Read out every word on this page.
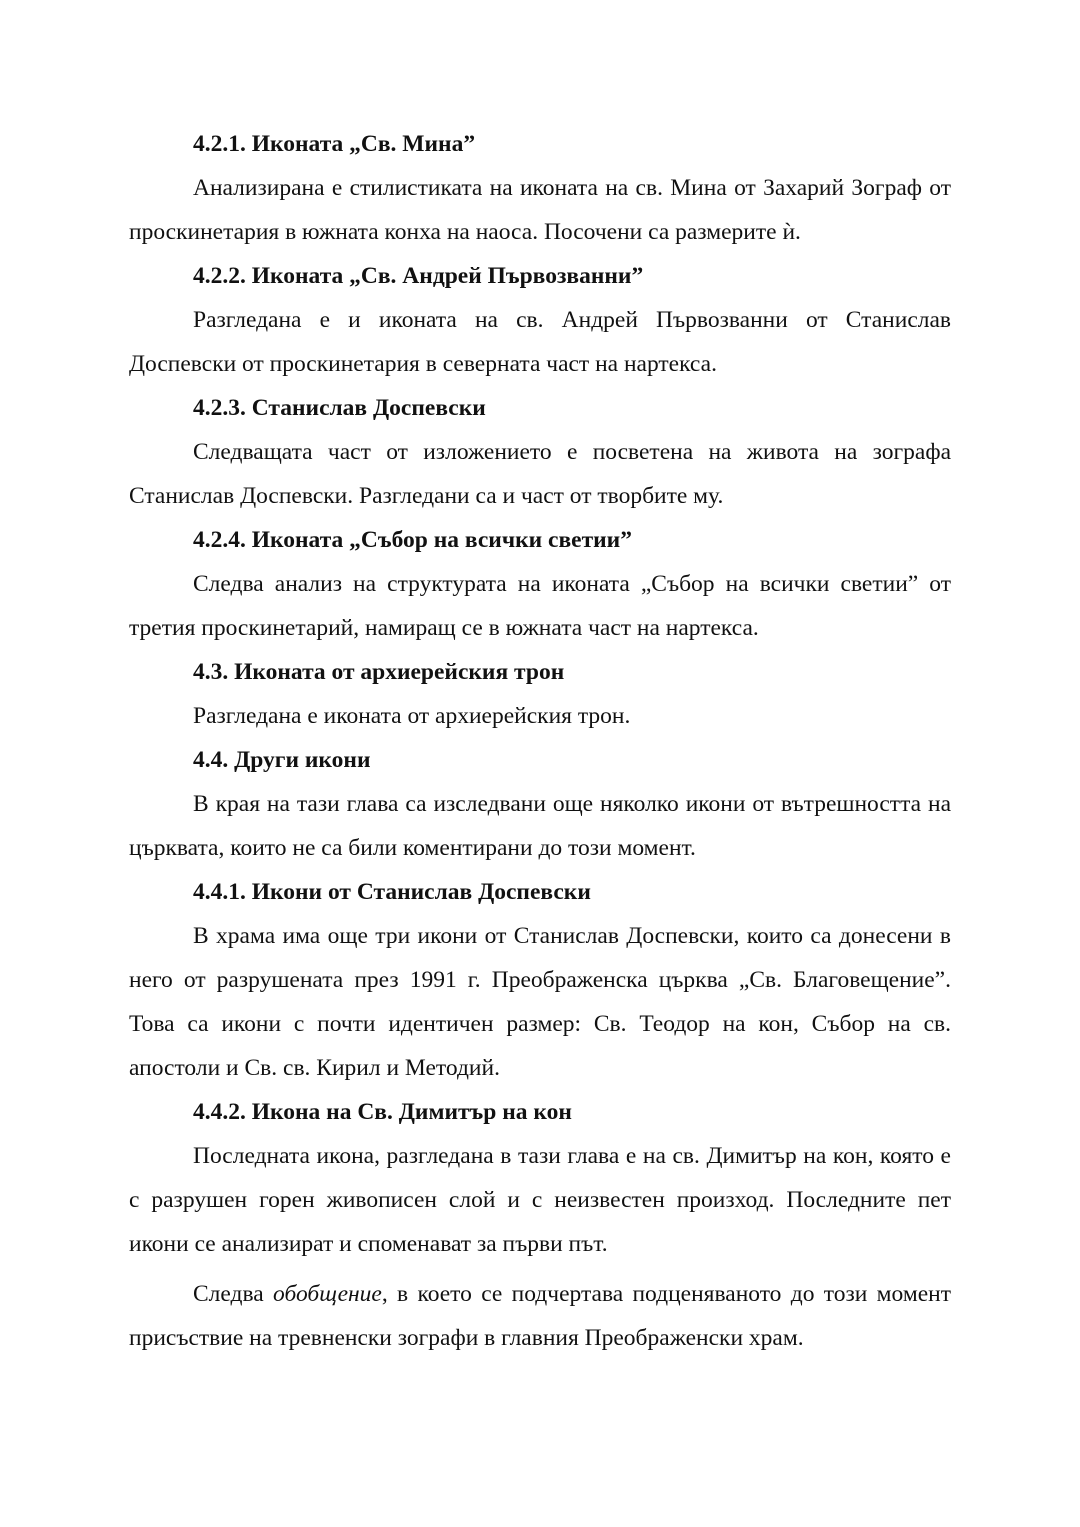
4.2.1. Иконата „Св. Мина”

Анализирана е стилистиката на иконата на св. Мина от Захарий Зограф от проскинетария в южната конха на наоса. Посочени са размерите ѝ.

4.2.2. Иконата „Св. Андрей Първозванни”

Разгледана е и иконата на св. Андрей Първозванни от Станислав Доспевски от проскинетария в северната част на нартекса.

4.2.3. Станислав Доспевски

Следващата част от изложението е посветена на живота на зографа Станислав Доспевски. Разгледани са и част от творбите му.

4.2.4. Иконата „Събор на всички светии”

Следва анализ на структурата на иконата „Събор на всички светии” от третия проскинетарий, намиращ се в южната част на нартекса.

4.3. Иконата от архиерейския трон

Разгледана е иконата от архиерейския трон.

4.4. Други икони

В края на тази глава са изследвани още няколко икони от вътрешността на църквата, които не са били коментирани до този момент.

4.4.1. Икони от Станислав Доспевски

В храма има още три икони от Станислав Доспевски, които са донесени в него от разрушената през 1991 г. Преображенска църква „Св. Благовещение”. Това са икони с почти идентичен размер: Св. Теодор на кон, Събор на св. апостоли и Св. св. Кирил и Методий.

4.4.2. Икона на Св. Димитър на кон

Последната икона, разгледана в тази глава е на св. Димитър на кон, която е с разрушен горен живописен слой и с неизвестен произход. Последните пет икони се анализират и споменават за първи път.

Следва обобщение, в което се подчертава подценяваното до този момент присъствие на тревненски зографи в главния Преображенски храм.
